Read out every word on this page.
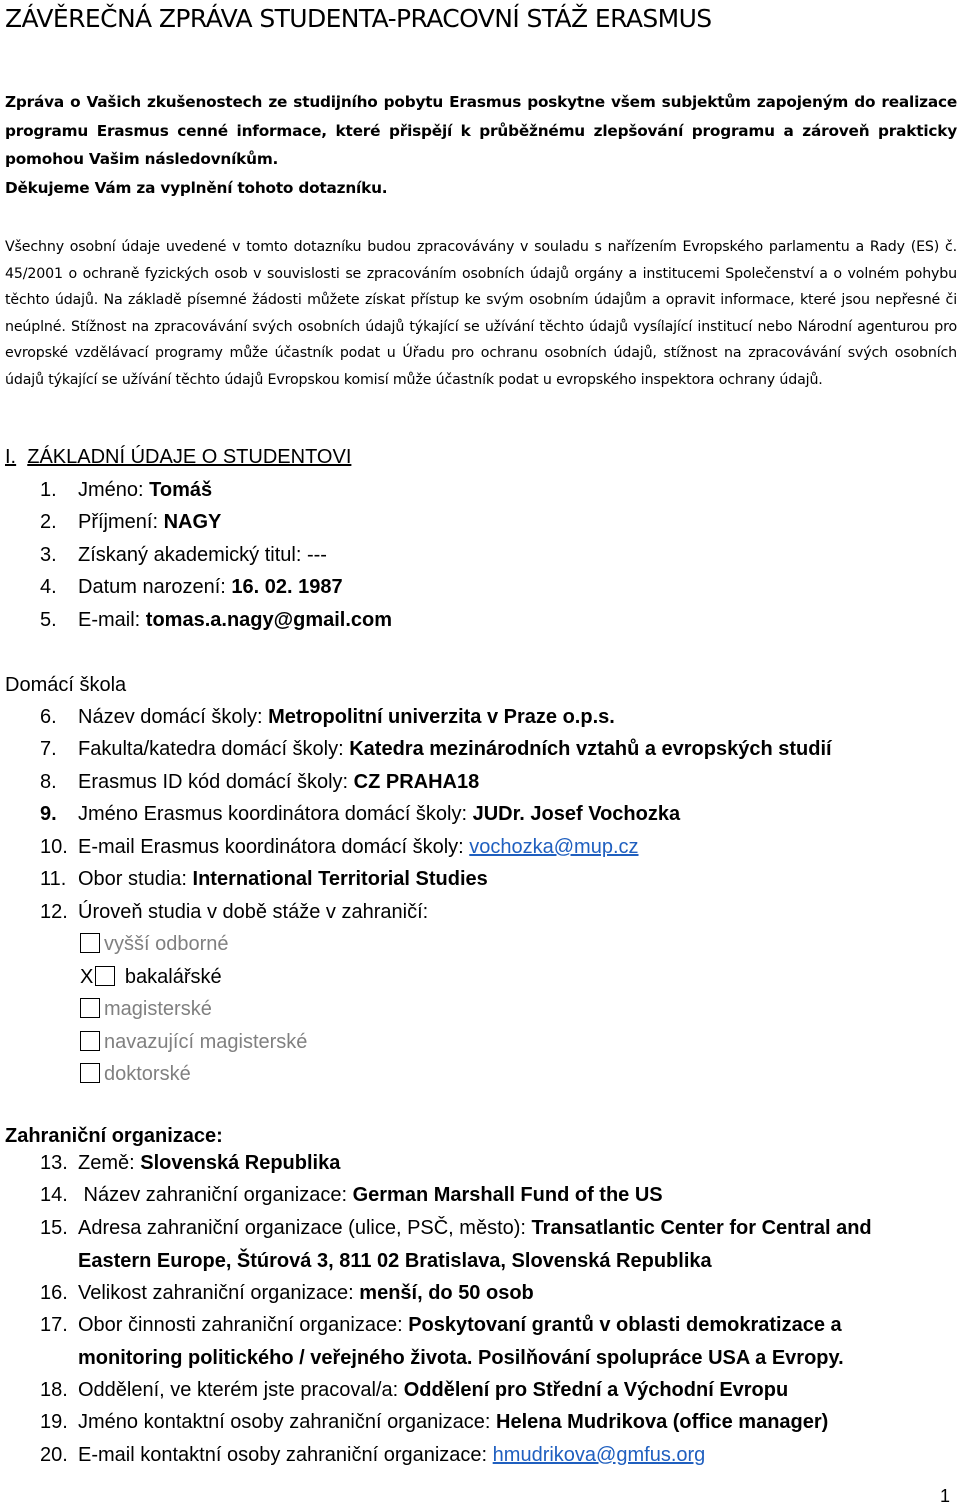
ZÁVĚREČNÁ ZPRÁVA STUDENTA-PRACOVNÍ STÁŽ ERASMUS

Zpráva o Vašich zkušenostech ze studijního pobytu Erasmus poskytne všem subjektům zapojeným do realizace programu Erasmus cenné informace, které přispějí k průběžnému zlepšování programu a zároveň prakticky pomohou Vašim následovníkům.
Děkujeme Vám za vyplnění tohoto dotazníku.

Všechny osobní údaje uvedené v tomto dotazníku budou zpracovávány v souladu s nařízením Evropského parlamentu a Rady (ES) č. 45/2001 o ochraně fyzických osob v souvislosti se zpracováním osobních údajů orgány a institucemi Společenství a o volném pohybu těchto údajů. Na základě písemné žádosti můžete získat přístup ke svým osobním údajům a opravit informace, které jsou nepřesné či neúplné. Stížnost na zpracovávání svých osobních údajů týkající se užívání těchto údajů vysílající institucí nebo Národní agenturou pro evropské vzdělávací programy může účastník podat u Úřadu pro ochranu osobních údajů, stížnost na zpracovávání svých osobních údajů týkající se užívání těchto údajů Evropskou komisí může účastník podat u evropského inspektora ochrany údajů.

I. ZÁKLADNÍ ÚDAJE O STUDENTOVI
1. Jméno: Tomáš
2. Příjmení: NAGY
3. Získaný akademický titul: ---
4. Datum narození: 16. 02. 1987
5. E-mail: tomas.a.nagy@gmail.com
Domácí škola
6. Název domácí školy: Metropolitní univerzita v Praze o.p.s.
7. Fakulta/katedra domácí školy: Katedra mezinárodních vztahů a evropských studií
8. Erasmus ID kód domácí školy: CZ PRAHA18
9. Jméno Erasmus koordinátora domácí školy: JUDr. Josef Vochozka
10. E-mail Erasmus koordinátora domácí školy: vochozka@mup.cz
11. Obor studia: International Territorial Studies
12. Úroveň studia v době stáže v zahraničí:
vyšší odborné
X bakalářské
magisterské
navazující magisterské
doktorské
Zahraniční organizace:
13. Země: Slovenská Republika
14. Název zahraniční organizace: German Marshall Fund of the US
15. Adresa zahraniční organizace (ulice, PSČ, město): Transatlantic Center for Central and
Eastern Europe, Štúrová 3, 811 02 Bratislava, Slovenská Republika
16. Velikost zahraniční organizace: menší, do 50 osob
17. Obor činnosti zahraniční organizace: Poskytovaní grantů v oblasti demokratizace a
monitoring politického / veřejného života. Posilňování spolupráce USA a Evropy.
18. Oddělení, ve kterém jste pracoval/a: Oddělení pro Střední a Východní Evropu
19. Jméno kontaktní osoby zahraniční organizace: Helena Mudrikova (office manager)
20. E-mail kontaktní osoby zahraniční organizace: hmudrikova@gmfus.org
1
